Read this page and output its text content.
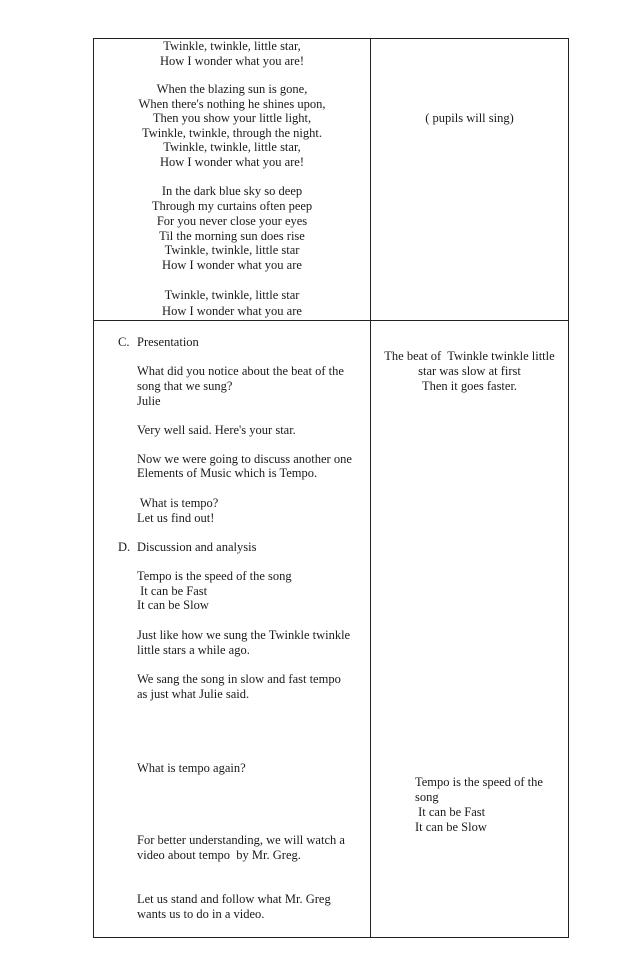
Twinkle, twinkle, little star,
How I wonder what you are!
When the blazing sun is gone,
When there's nothing he shines upon,
Then you show your little light,
Twinkle, twinkle, through the night.
Twinkle, twinkle, little star,
How I wonder what you are!
In the dark blue sky so deep
Through my curtains often peep
For you never close your eyes
Til the morning sun does rise
Twinkle, twinkle, little star
How I wonder what you are
Twinkle, twinkle, little star
How I wonder what you are
( pupils will sing)
C. Presentation
What did you notice about the beat of the
song that we sung?
Julie
Very well said. Here's your star.
Now we were going to discuss another one
Elements of Music which is Tempo.
What is tempo?
Let us find out!
D. Discussion and analysis
Tempo is the speed of the song
It can be Fast
It can be Slow
Just like how we sung the Twinkle twinkle
little stars a while ago.
We sang the song in slow and fast tempo
as just what Julie said.
What is tempo again?
For better understanding, we will watch a
video about tempo  by Mr. Greg.
Let us stand and follow what Mr. Greg
wants us to do in a video.
The beat of  Twinkle twinkle little
star was slow at first
Then it goes faster.
Tempo is the speed of the
song
It can be Fast
It can be Slow
